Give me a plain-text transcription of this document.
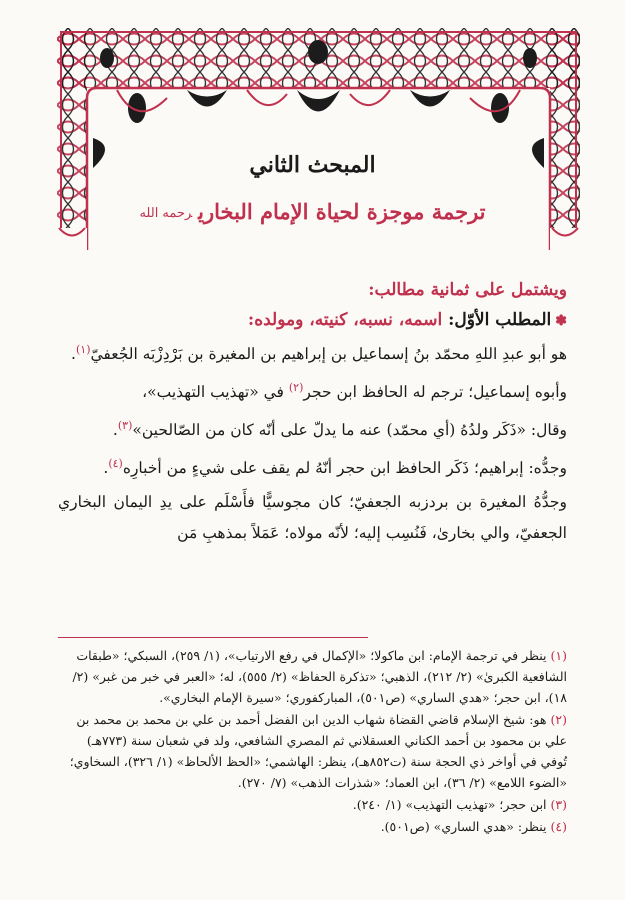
المبحث الثاني
ترجمة موجزة لحياة الإمام البخاريرحمه الله

ويشتمل على ثمانية مطالب:

✽المطلب الأوّل: اسمه، نسبه، كنيته، ومولده:

هو أبو عبدِ اللهِ محمّد بنُ إسماعيل بن إبراهيم بن المغيرة بن بَرْدِزْبَه الجُعفيّ$^{(١)}$.

وأبوه إسماعيل؛ ترجم له الحافظ ابن حجر$^{(٢)}$ في «تهذيب التهذيب»،

وقال: «ذَكَر ولدُهُ (أي محمّد) عنه ما يدلّ على أنّه كان من الصّالحين»$^{(٣)}$.

وجدُّه: إبراهيم؛ ذَكَر الحافظ ابن حجر أنّهُ لم يقف على شيءٍ من أخبارِه$^{(٤)}$.

وجدُّهُ المغيرة بن بردزبه الجعفيّ؛ كان مجوسيًّا فأَسْلَم على يدِ اليمان البخاري الجعفيّ، والي بخارىٰ، فَنُسِب إليه؛ لأنّه مولاه؛ عَمَلاً بمذهبِ مَن

(١) ينظر في ترجمة الإمام: ابن ماكولا؛ «الإكمال في رفع الارتياب»، (١/ ٢٥٩)، السبكي؛ «طبقات الشافعية الكبرىٰ» (٢/ ٢١٢)، الذهبي؛ «تذكرة الحفاظ» (٢/ ٥٥٥)، له؛ «العبر في خبر من غبر» (٢/ ١٨)، ابن حجر؛ «هدي الساري» (ص٥٠١)، المباركفوري؛ «سيرة الإمام البخاري».

(٢) هو: شيخ الإسلام قاضي القضاة شهاب الدين ابن الفضل أحمد بن علي بن محمد بن محمد بن علي بن محمود بن أحمد الكناني العسقلاني ثم المصري الشافعي، ولد في شعبان سنة (٧٧٣هـ) تُوفي في أواخر ذي الحجة سنة (ت٨٥٢هـ)، ينظر: الهاشمي؛ «الحظ الألحاظ» (١/ ٣٢٦)، السخاوي؛ «الضوء اللامع» (٢/ ٣٦)، ابن العماد؛ «شذرات الذهب» (٧/ ٢٧٠).

(٣) ابن حجر؛ «تهذيب التهذيب» (١/ ٢٤٠).

(٤) ينظر: «هدي الساري» (ص٥٠١).
